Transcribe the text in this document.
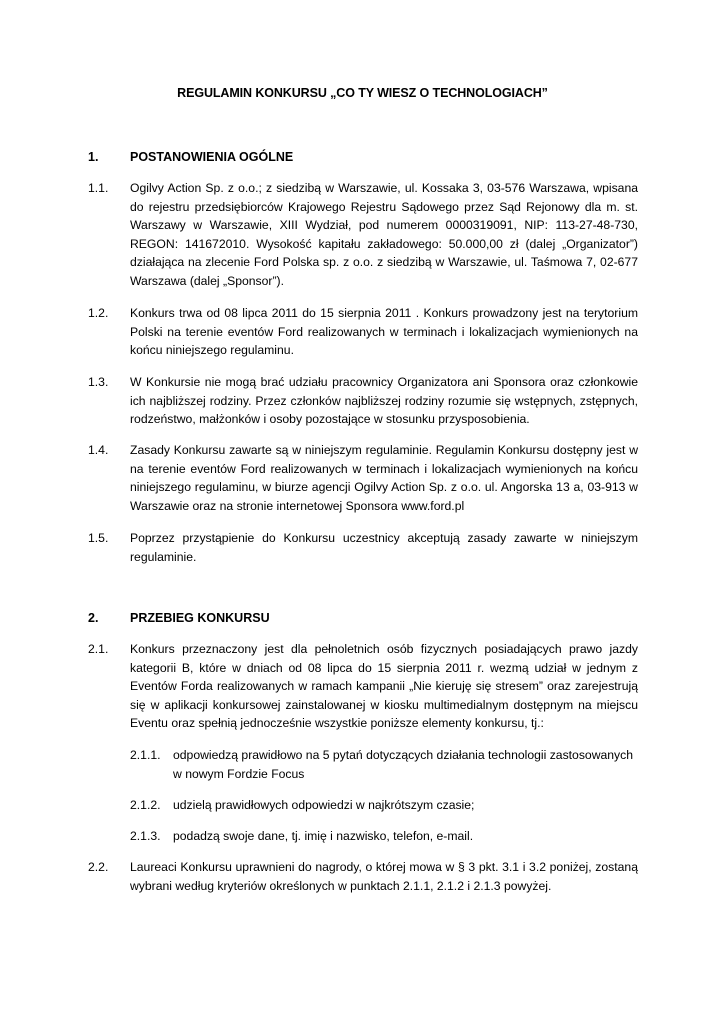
REGULAMIN KONKURSU „CO TY WIESZ O TECHNOLOGIACH”
1.	POSTANOWIENIA OGÓLNE
1.1. Ogilvy Action Sp. z o.o.; z siedzibą w Warszawie, ul. Kossaka 3, 03-576 Warszawa, wpisana do rejestru przedsiębiorców Krajowego Rejestru Sądowego przez Sąd Rejonowy dla m. st. Warszawy w Warszawie, XIII Wydział, pod numerem 0000319091, NIP: 113-27-48-730, REGON: 141672010. Wysokość kapitału zakładowego: 50.000,00 zł (dalej „Organizator”) działająca na zlecenie Ford Polska sp. z o.o. z siedzibą w Warszawie, ul. Taśmowa 7, 02-677 Warszawa (dalej „Sponsor”).
1.2. Konkurs trwa od 08 lipca 2011 do 15 sierpnia 2011 . Konkurs prowadzony jest na terytorium Polski na terenie eventów Ford realizowanych w terminach i lokalizacjach wymienionych na końcu niniejszego regulaminu.
1.3. W Konkursie nie mogą brać udziału pracownicy Organizatora ani Sponsora oraz członkowie ich najbliższej rodziny. Przez członków najbliższej rodziny rozumie się wstępnych, zstępnych, rodzeństwo, małżonków i osoby pozostające w stosunku przysposobienia.
1.4. Zasady Konkursu zawarte są w niniejszym regulaminie. Regulamin Konkursu dostępny jest w na terenie eventów Ford realizowanych w terminach i lokalizacjach wymienionych na końcu niniejszego regulaminu, w biurze agencji Ogilvy Action Sp. z o.o. ul. Angorska 13 a, 03-913 w Warszawie oraz na stronie internetowej Sponsora www.ford.pl
1.5. Poprzez przystąpienie do Konkursu uczestnicy akceptują zasady zawarte w niniejszym regulaminie.
2.	PRZEBIEG KONKURSU
2.1. Konkurs przeznaczony jest dla pełnoletnich osób fizycznych posiadających prawo jazdy kategorii B, które w dniach od 08 lipca do 15 sierpnia 2011 r. wezmą udział w jednym z Eventów Forda realizowanych w ramach kampanii „Nie kieruję się stresem” oraz zarejestrują się w aplikacji konkursowej zainstalowanej w kiosku multimedialnym dostępnym na miejscu Eventu oraz spełnią jednocześnie wszystkie poniższe elementy konkursu, tj.:
2.1.1. odpowiedzą prawidłowo na 5 pytań dotyczących działania technologii zastosowanych w nowym Fordzie Focus
2.1.2. udzielą prawidłowych odpowiedzi w najkrótszym czasie;
2.1.3. podadzą swoje dane, tj. imię i nazwisko, telefon, e-mail.
2.2. Laureaci Konkursu uprawnieni do nagrody, o której mowa w § 3 pkt. 3.1 i 3.2 poniżej, zostaną wybrani według kryteriów określonych w punktach 2.1.1, 2.1.2 i 2.1.3 powyżej.
